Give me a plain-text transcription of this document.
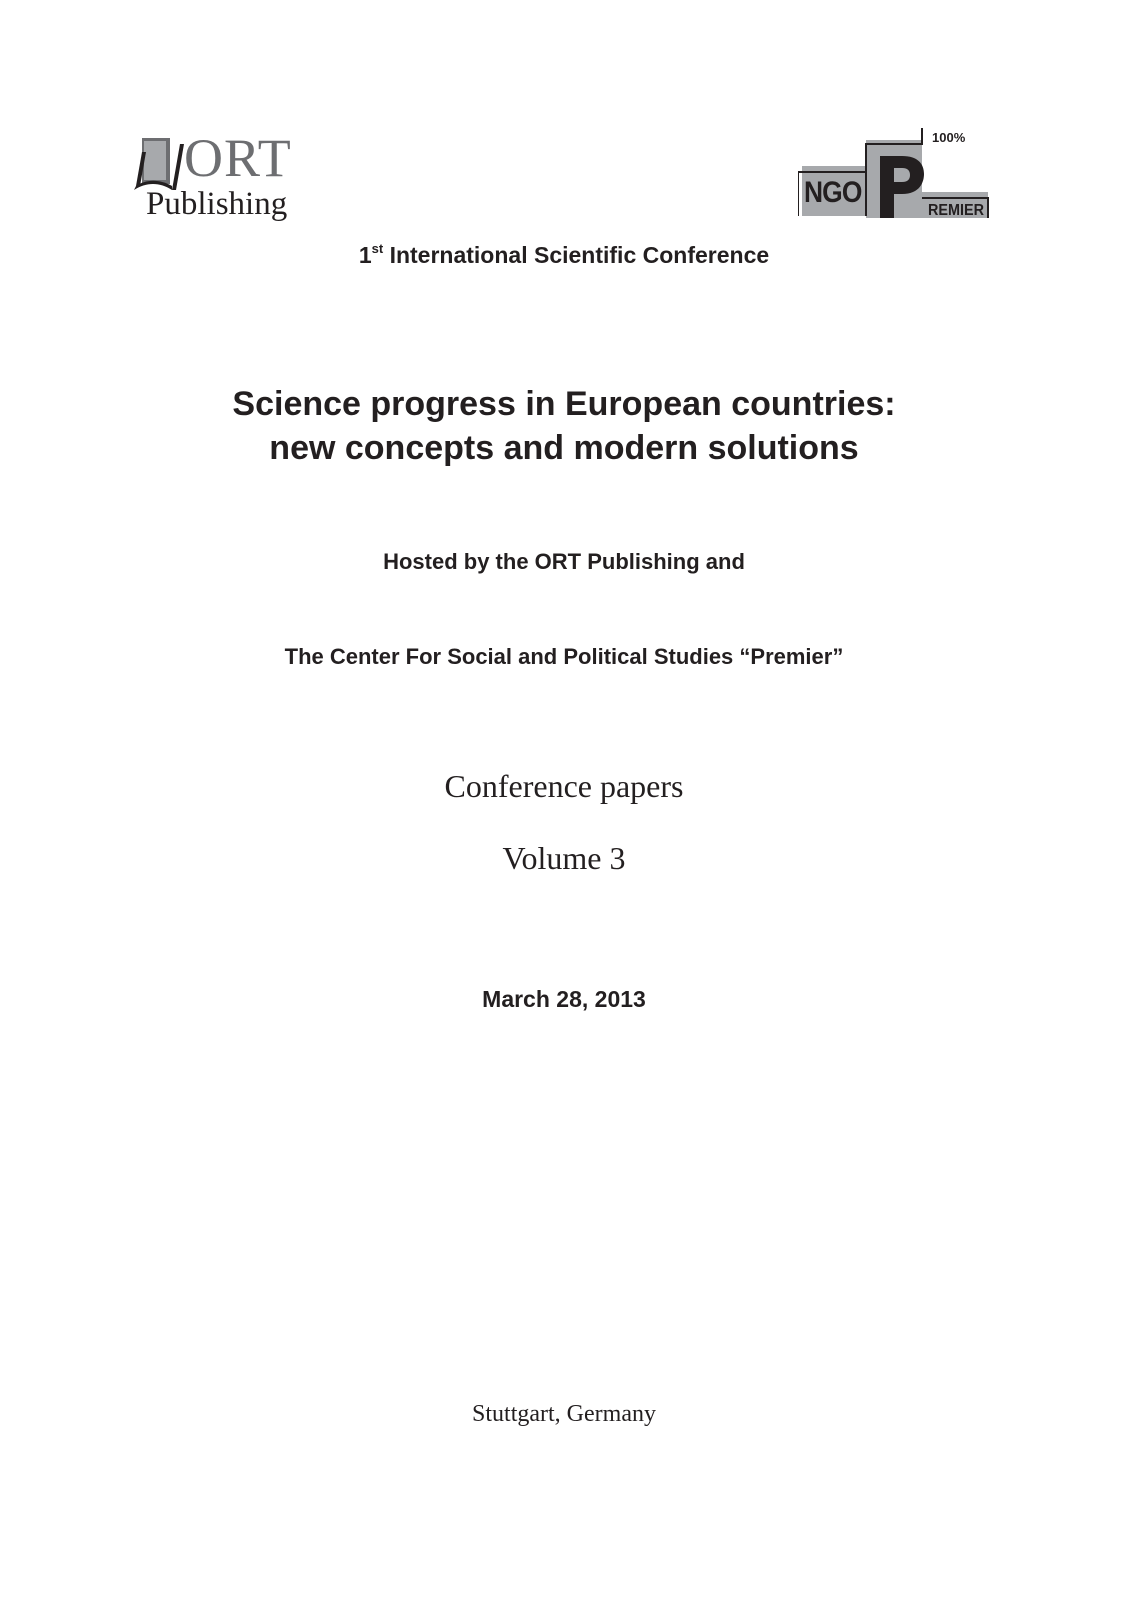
ORT
Publishing
100%
NGO
REMIER
1st International Scientific Conference
Science progress in European countries:
new concepts and modern solutions
Hosted by the ORT Publishing and
The Center For Social and Political Studies “Premier”
Conference papers
Volume 3
March 28, 2013
Stuttgart, Germany
